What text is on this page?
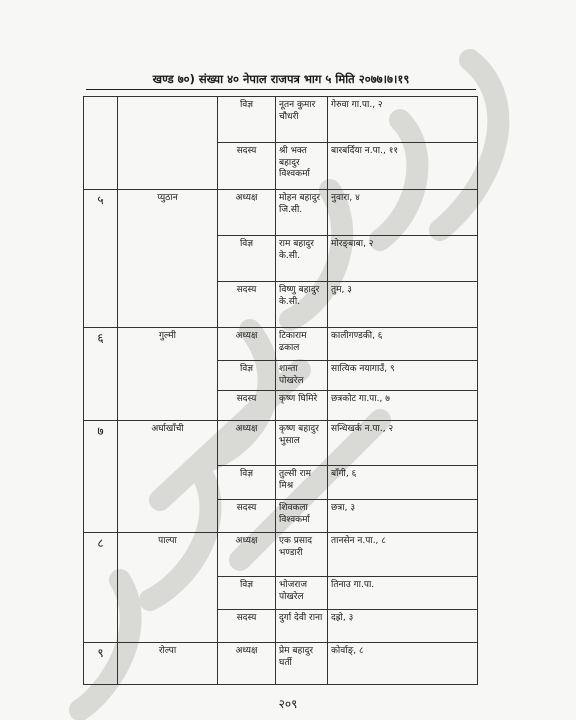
खण्ड ७०) संख्या ४० नेपाल राजपत्र भाग ५ मिति २०७७।७।१९
		विज्ञ	नूतन कुमार चौधरी	गेरुवा गा.पा., २
		सदस्य	श्री भक्त बहादुर विश्वकर्मा	बारबर्दिया न.पा., ११
५	प्युठान	अध्यक्ष	मोहन बहादुर जि.सी.	नुवारा, ४
		विज्ञ	राम बहादुर के.सी.	मोरङ्बाबा, २
		सदस्य	विष्णु बहादुर के.सी.	तुम, ३
६	गुल्मी	अध्यक्ष	टिकाराम ढकाल	कालीगण्डकी, ६
		विज्ञ	शान्ता पोखरेल	सात्यिक नयागाउँ, ९
		सदस्य	कृष्ण घिमिरे	छत्रकोट गा.पा., ७
७	अर्घाखाँची	अध्यक्ष	कृष्ण बहादुर भुसाल	सन्धिखर्क न.पा., २
		विज्ञ	तुल्सी राम मिश्र	बाँगी, ६
		सदस्य	शिवकला विश्वकर्मा	छत्रा, ३
८	पाल्पा	अध्यक्ष	एक प्रसाद भण्डारी	तानसेन न.पा., ८
		विज्ञ	भोजराज पोखरेल	तिनाउ गा.पा.
		सदस्य	दुर्गा देवी राना	दह्रो, ३
९	रोल्पा	अध्यक्ष	प्रेम बहादुर घर्ती	कोर्वाङ्, ८
२०९
